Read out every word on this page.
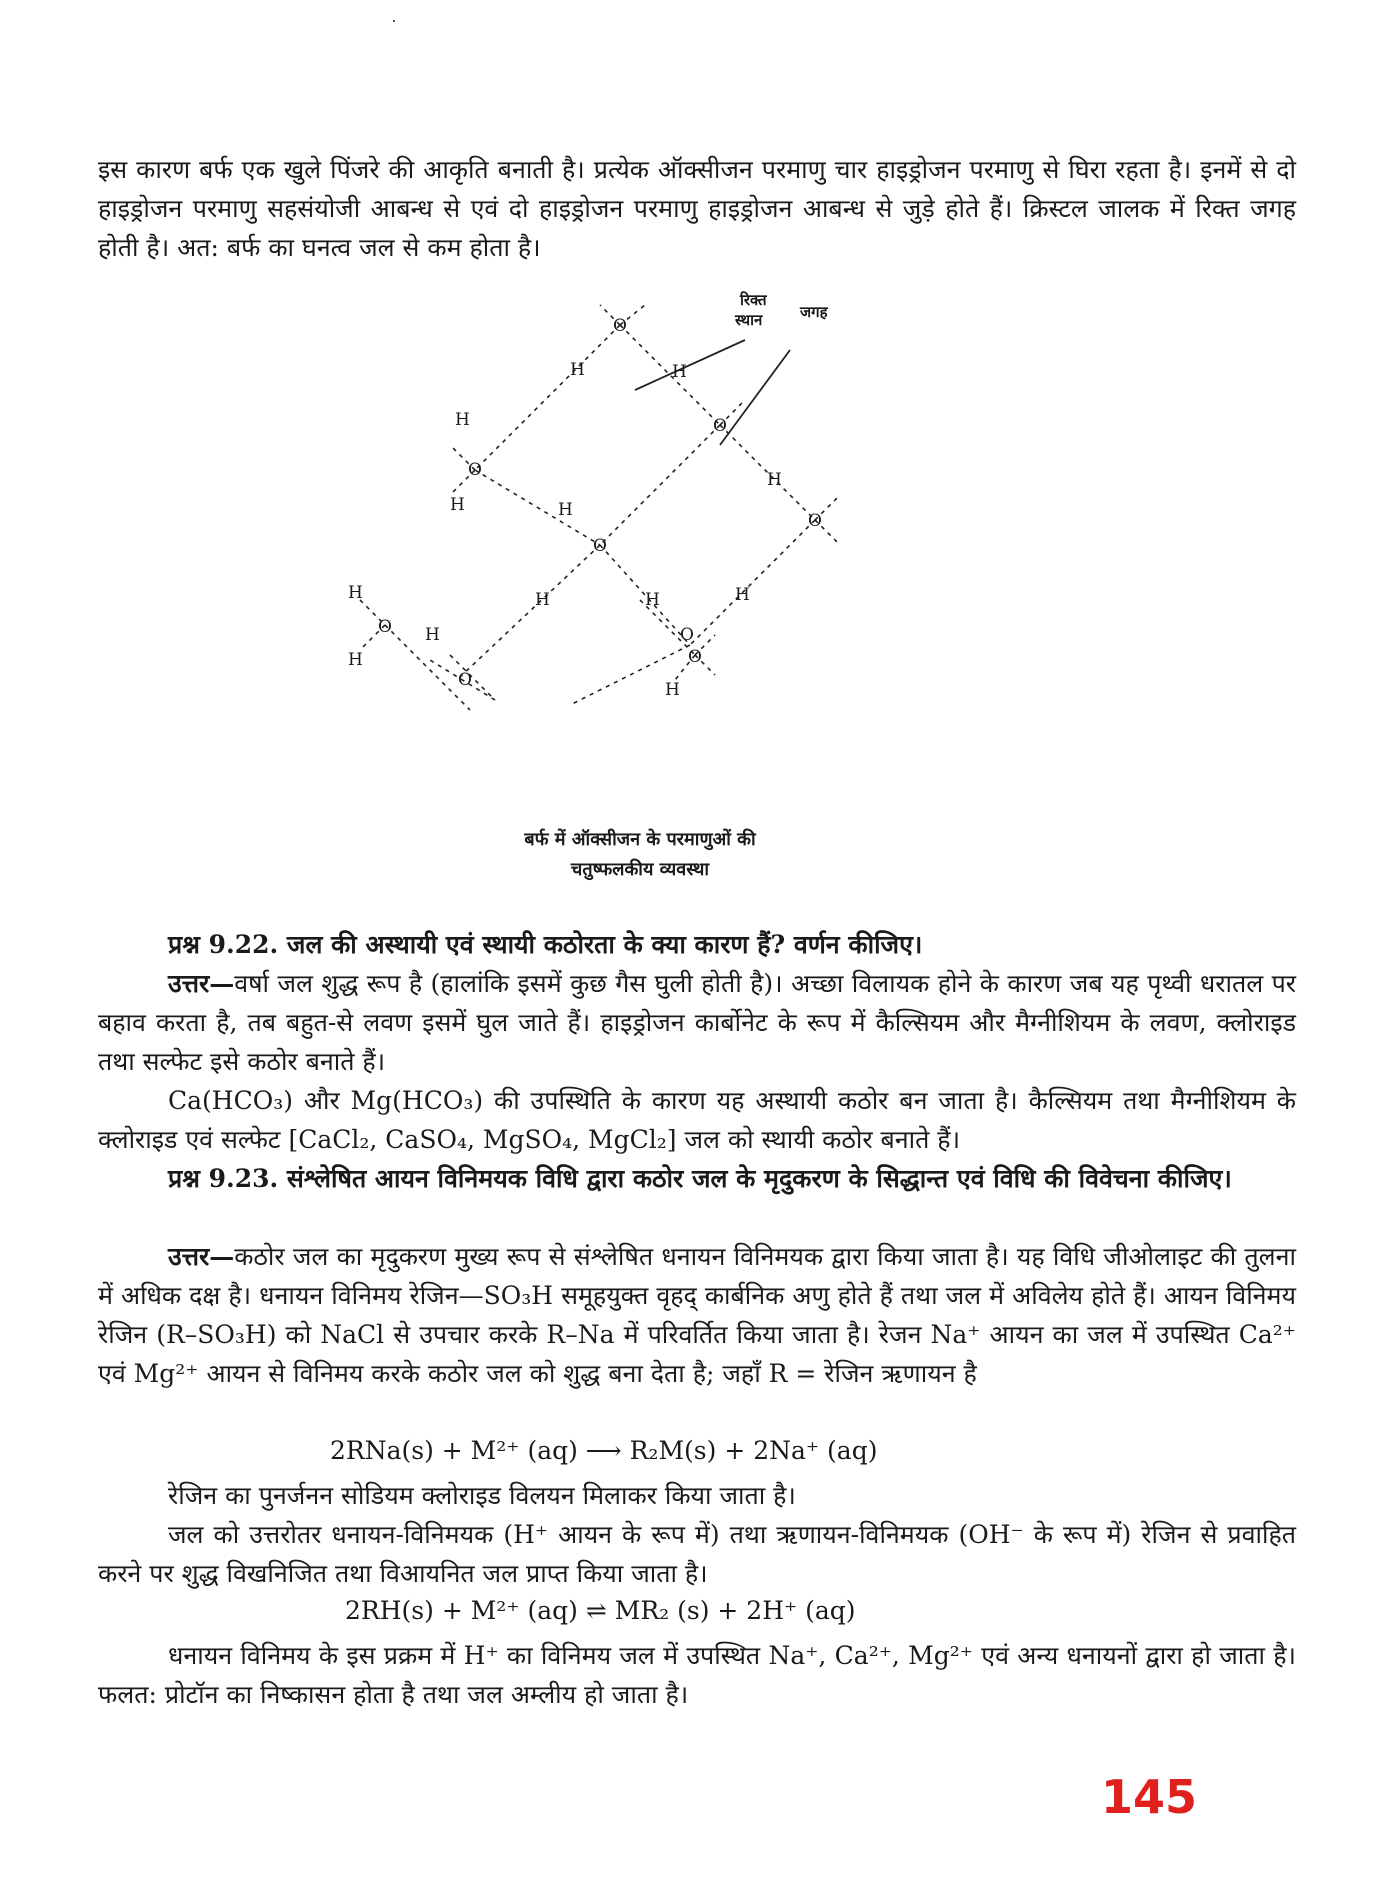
इस कारण बर्फ एक खुले पिंजरे की आकृति बनाती है। प्रत्येक ऑक्सीजन परमाणु चार हाइड्रोजन परमाणु से घिरा रहता है। इनमें से दो हाइड्रोजन परमाणु सहसंयोजी आबन्ध से एवं दो हाइड्रोजन परमाणु हाइड्रोजन आबन्ध से जुड़े होते हैं। क्रिस्टल जालक में रिक्त जगह होती है। अत: बर्फ का घनत्व जल से कम होता है।

O
H	H
O
H
O
H	H
H
O
O
H	H	H
O
H
O
रिक्त
स्थान	जगह
H
O
H	O
H

बर्फ में ऑक्सीजन के परमाणुओं की

चतुष्फलकीय व्यवस्था

प्रश्न 9.22. जल की अस्थायी एवं स्थायी कठोरता के क्या कारण हैं? वर्णन कीजिए।

उत्तर—वर्षा जल शुद्ध रूप है (हालांकि इसमें कुछ गैस घुली होती है)। अच्छा विलायक होने के कारण जब यह पृथ्वी धरातल पर बहाव करता है, तब बहुत-से लवण इसमें घुल जाते हैं। हाइड्रोजन कार्बोनेट के रूप में कैल्सियम और मैग्नीशियम के लवण, क्लोराइड तथा सल्फेट इसे कठोर बनाते हैं।

Ca(HCO₃) और Mg(HCO₃) की उपस्थिति के कारण यह अस्थायी कठोर बन जाता है। कैल्सियम तथा मैग्नीशियम के क्लोराइड एवं सल्फेट [CaCl₂, CaSO₄, MgSO₄, MgCl₂] जल को स्थायी कठोर बनाते हैं।

प्रश्न 9.23. संश्लेषित आयन विनिमयक विधि द्वारा कठोर जल के मृदुकरण के सिद्धान्त एवं विधि की विवेचना कीजिए।

उत्तर—कठोर जल का मृदुकरण मुख्य रूप से संश्लेषित धनायन विनिमयक द्वारा किया जाता है। यह विधि जीओलाइट की तुलना में अधिक दक्ष है। धनायन विनिमय रेजिन—SO₃H समूहयुक्त वृहद् कार्बनिक अणु होते हैं तथा जल में अविलेय होते हैं। आयन विनिमय रेजिन (R–SO₃H) को NaCl से उपचार करके R–Na में परिवर्तित किया जाता है। रेजन Na⁺ आयन का जल में उपस्थित Ca²⁺ एवं Mg²⁺ आयन से विनिमय करके कठोर जल को शुद्ध बना देता है; जहाँ R = रेजिन ऋणायन है

2RNa(s) + M²⁺ (aq) ⟶ R₂M(s) + 2Na⁺ (aq)

रेजिन का पुनर्जनन सोडियम क्लोराइड विलयन मिलाकर किया जाता है।

जल को उत्तरोतर धनायन-विनिमयक (H⁺ आयन के रूप में) तथा ऋणायन-विनिमयक (OH⁻ के रूप में) रेजिन से प्रवाहित करने पर शुद्ध विखनिजित तथा विआयनित जल प्राप्त किया जाता है।

2RH(s) + M²⁺ (aq) ⇌ MR₂ (s) + 2H⁺ (aq)

धनायन विनिमय के इस प्रक्रम में H⁺ का विनिमय जल में उपस्थित Na⁺, Ca²⁺, Mg²⁺ एवं अन्य धनायनों द्वारा हो जाता है। फलत: प्रोटॉन का निष्कासन होता है तथा जल अम्लीय हो जाता है।

145
